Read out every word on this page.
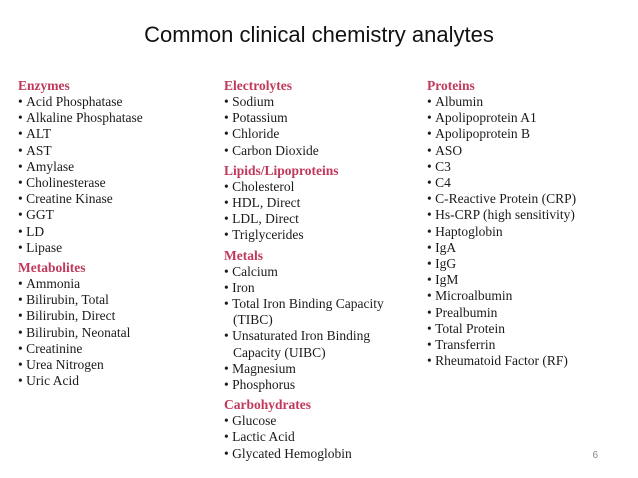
Common clinical chemistry analytes
Enzymes
• Acid Phosphatase
• Alkaline Phosphatase
• ALT
• AST
• Amylase
• Cholinesterase
• Creatine Kinase
• GGT
• LD
• Lipase
Metabolites
• Ammonia
• Bilirubin, Total
• Bilirubin, Direct
• Bilirubin, Neonatal
• Creatinine
• Urea Nitrogen
• Uric Acid
Electrolytes
• Sodium
• Potassium
• Chloride
• Carbon Dioxide
Lipids/Lipoproteins
• Cholesterol
• HDL, Direct
• LDL, Direct
• Triglycerides
Metals
• Calcium
• Iron
• Total Iron Binding Capacity (TIBC)
• Unsaturated Iron Binding Capacity (UIBC)
• Magnesium
• Phosphorus
Carbohydrates
• Glucose
• Lactic Acid
• Glycated Hemoglobin
Proteins
• Albumin
• Apolipoprotein A1
• Apolipoprotein B
• ASO
• C3
• C4
• C-Reactive Protein (CRP)
• Hs-CRP (high sensitivity)
• Haptoglobin
• IgA
• IgG
• IgM
• Microalbumin
• Prealbumin
• Total Protein
• Transferrin
• Rheumatoid Factor (RF)
6
